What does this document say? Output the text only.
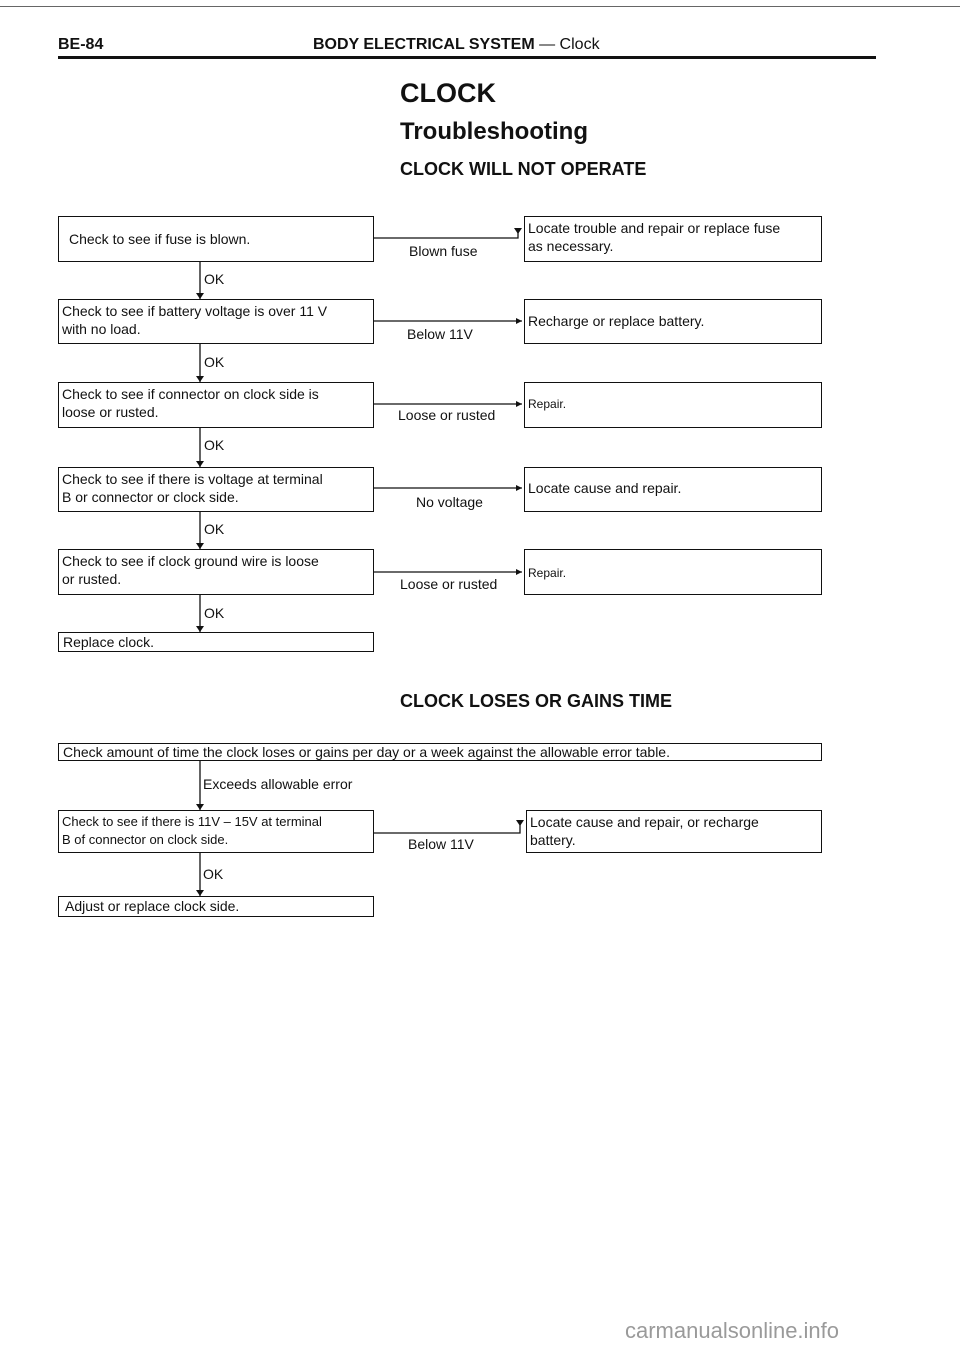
BE-84	BODY ELECTRICAL SYSTEM — Clock
CLOCK
Troubleshooting
CLOCK WILL NOT OPERATE
Check to see if fuse is blown.
Check to see if battery voltage is over 11 V
with no load.
Check to see if connector on clock side is
loose or rusted.
Check to see if there is voltage at terminal
B or connector or clock side.
Check to see if clock ground wire is loose
or rusted.
Replace clock.
Blown fuse
Below 11V
Loose or rusted
No voltage
Loose or rusted
OK
OK
OK
OK
OK
Locate trouble and repair or replace fuse
as necessary.
Recharge or replace battery.
Repair.
Locate cause and repair.
Repair.
CLOCK LOSES OR GAINS TIME
Check amount of time the clock loses or gains per day or a week against the allowable error table.
Exceeds allowable error
Check to see if there is 11V – 15V at terminal
B of connector on clock side.	Below 11V
Locate cause and repair, or recharge
battery.
OK
Adjust or replace clock side.
carmanualsonline.info
